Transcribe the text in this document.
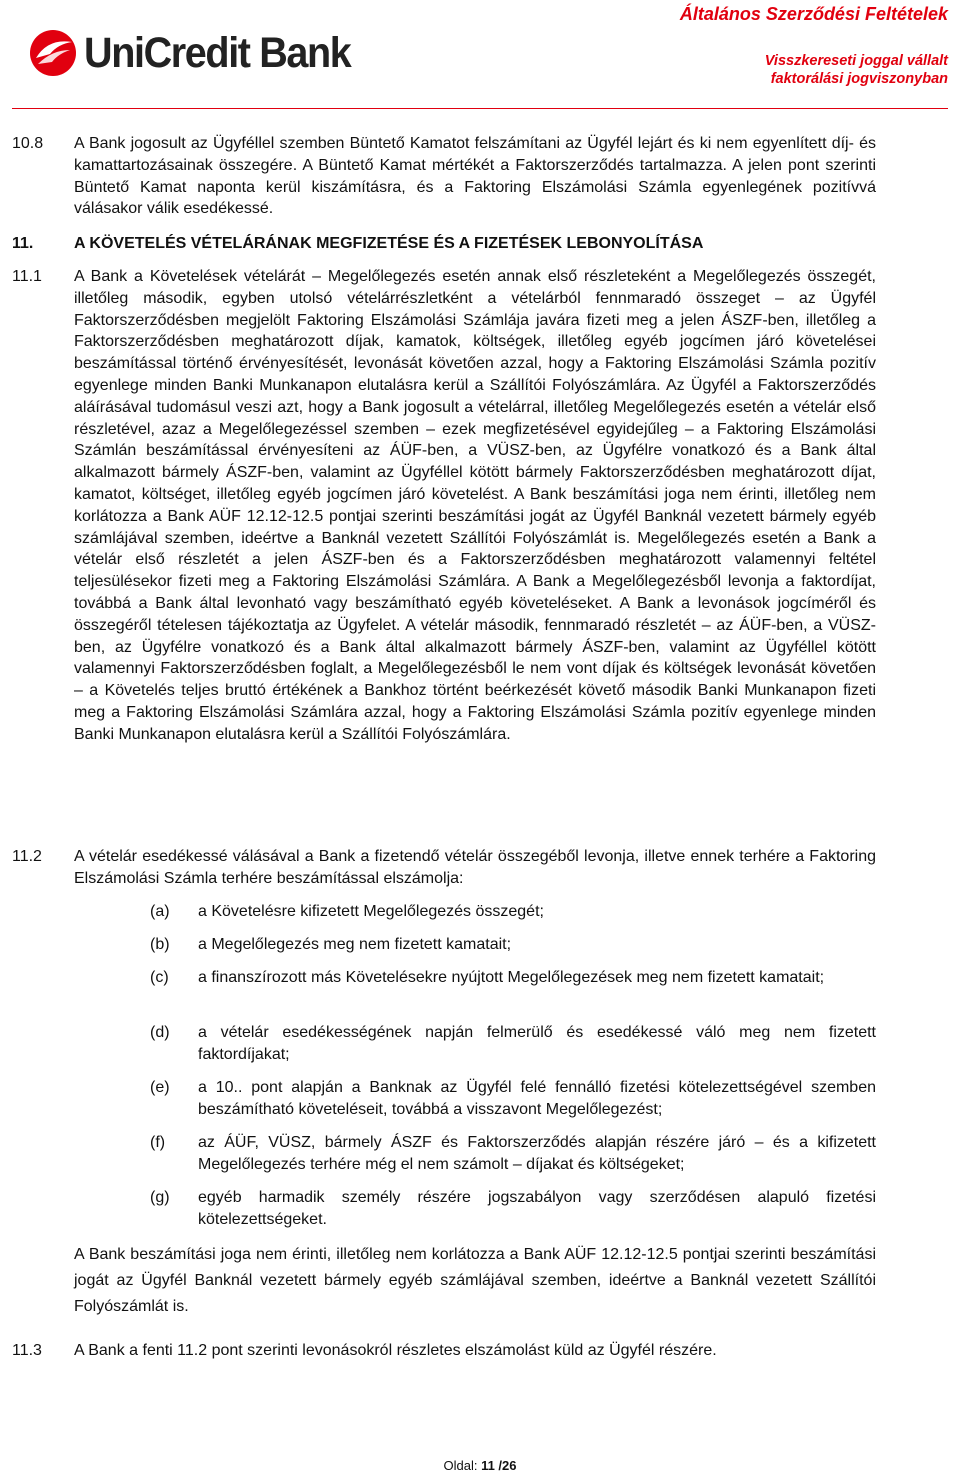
UniCredit Bank
Általános Szerződési Feltételek
Visszkereseti joggal vállalt
faktorálási jogviszonyban
10.8 A Bank jogosult az Ügyféllel szemben Büntető Kamatot felszámítani az Ügyfél lejárt és ki nem egyenlített díj- és kamattartozásainak összegére. A Büntető Kamat mértékét a Faktorszerződés tartalmazza. A jelen pont szerinti Büntető Kamat naponta kerül kiszámításra, és a Faktoring Elszámolási Számla egyenlegének pozitívvá válásakor válik esedékessé.
11.	A KÖVETELÉS VÉTELÁRÁNAK MEGFIZETÉSE ÉS A FIZETÉSEK LEBONYOLÍTÁSA
11.1 A Bank a Követelések vételárát – Megelőlegezés esetén annak első részleteként a Megelőlegezés összegét, illetőleg második, egyben utolsó vételárrészletként a vételárból fennmaradó összeget – az Ügyfél Faktorszerződésben megjelölt Faktoring Elszámolási Számlája javára fizeti meg a jelen ÁSZF-ben, illetőleg a Faktorszerződésben meghatározott díjak, kamatok, költségek, illetőleg egyéb jogcímen járó követelései beszámítással történő érvényesítését, levonását követően azzal, hogy a Faktoring Elszámolási Számla pozitív egyenlege minden Banki Munkanapon elutalásra kerül a Szállítói Folyószámlára. Az Ügyfél a Faktorszerződés aláírásával tudomásul veszi azt, hogy a Bank jogosult a vételárral, illetőleg Megelőlegezés esetén a vételár első részletével, azaz a Megelőlegezéssel szemben – ezek megfizetésével egyidejűleg – a Faktoring Elszámolási Számlán beszámítással érvényesíteni az ÁÜF-ben, a VÜSZ-ben, az Ügyfélre vonatkozó és a Bank által alkalmazott bármely ÁSZF-ben, valamint az Ügyféllel kötött bármely Faktorszerződésben meghatározott díjat, kamatot, költséget, illetőleg egyéb jogcímen járó követelést. A Bank beszámítási joga nem érinti, illetőleg nem korlátozza a Bank AÜF 12.12-12.5 pontjai szerinti beszámítási jogát az Ügyfél Banknál vezetett bármely egyéb számlájával szemben, ideértve a Banknál vezetett Szállítói Folyószámlát is. Megelőlegezés esetén a Bank a vételár első részletét a jelen ÁSZF-ben és a Faktorszerződésben meghatározott valamennyi feltétel teljesülésekor fizeti meg a Faktoring Elszámolási Számlára. A Bank a Megelőlegezésből levonja a faktordíjat, továbbá a Bank által levonható vagy beszámítható egyéb követeléseket. A Bank a levonások jogcíméről és összegéről tételesen tájékoztatja az Ügyfelet. A vételár második, fennmaradó részletét – az ÁÜF-ben, a VÜSZ-ben, az Ügyfélre vonatkozó és a Bank által alkalmazott bármely ÁSZF-ben, valamint az Ügyféllel kötött valamennyi Faktorszerződésben foglalt, a Megelőlegezésből le nem vont díjak és költségek levonását követően – a Követelés teljes bruttó értékének a Bankhoz történt beérkezését követő második Banki Munkanapon fizeti meg a Faktoring Elszámolási Számlára azzal, hogy a Faktoring Elszámolási Számla pozitív egyenlege minden Banki Munkanapon elutalásra kerül a Szállítói Folyószámlára.
11.2 A vételár esedékessé válásával a Bank a fizetendő vételár összegéből levonja, illetve ennek terhére a Faktoring Elszámolási Számla terhére beszámítással elszámolja:
(a) a Követelésre kifizetett Megelőlegezés összegét;
(b) a Megelőlegezés meg nem fizetett kamatait;
(c) a finanszírozott más Követelésekre nyújtott Megelőlegezések meg nem fizetett kamatait;
(d) a vételár esedékességének napján felmerülő és esedékessé váló meg nem fizetett faktordíjakat;
(e) a 10.. pont alapján a Banknak az Ügyfél felé fennálló fizetési kötelezettségével szemben beszámítható követeléseit, továbbá a visszavont Megelőlegezést;
(f) az ÁÜF, VÜSZ, bármely ÁSZF és Faktorszerződés alapján részére járó – és a kifizetett Megelőlegezés terhére még el nem számolt – díjakat és költségeket;
(g) egyéb harmadik személy részére jogszabályon vagy szerződésen alapuló fizetési kötelezettségeket.
A Bank beszámítási joga nem érinti, illetőleg nem korlátozza a Bank AÜF 12.12-12.5 pontjai szerinti beszámítási jogát az Ügyfél Banknál vezetett bármely egyéb számlájával szemben, ideértve a Banknál vezetett Szállítói Folyószámlát is.
11.3 A Bank a fenti 11.2 pont szerinti levonásokról részletes elszámolást küld az Ügyfél részére.
Oldal: 11 /26
